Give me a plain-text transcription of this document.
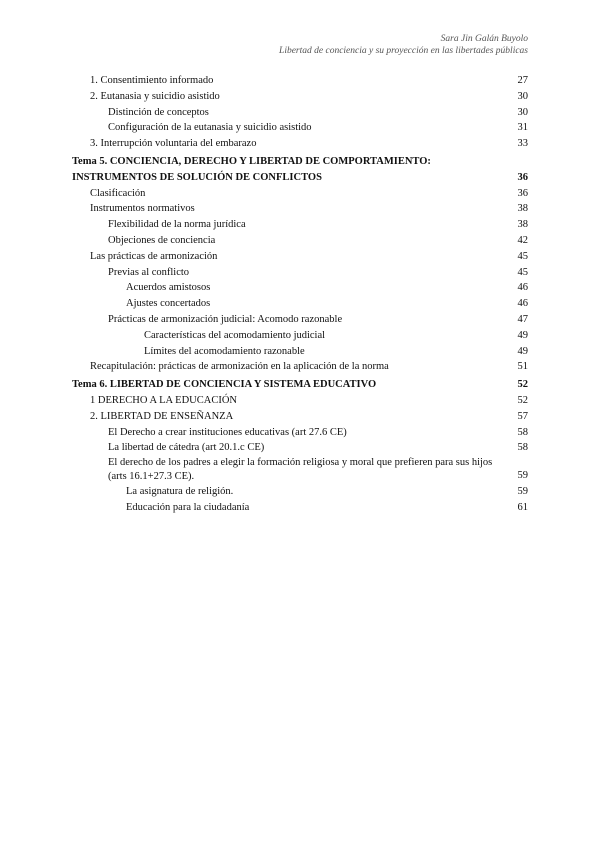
Sara Jin Galán Buyolo
Libertad de conciencia y su proyección en las libertades públicas
1. Consentimiento informado	27
2. Eutanasia y suicidio asistido	30
Distinción de conceptos	30
Configuración de la eutanasia y suicidio asistido	31
3. Interrupción voluntaria del embarazo	33
Tema 5. CONCIENCIA, DERECHO Y LIBERTAD DE COMPORTAMIENTO: INSTRUMENTOS DE SOLUCIÓN DE CONFLICTOS	36
Clasificación	36
Instrumentos normativos	38
Flexibilidad de la norma jurídica	38
Objeciones de conciencia	42
Las prácticas de armonización	45
Previas al conflicto	45
Acuerdos amistosos	46
Ajustes concertados	46
Prácticas de armonización judicial: Acomodo razonable	47
Características del acomodamiento judicial	49
Límites del acomodamiento razonable	49
Recapitulación: prácticas de armonización en la aplicación de la norma	51
Tema 6. LIBERTAD DE CONCIENCIA Y SISTEMA EDUCATIVO	52
1 DERECHO A LA EDUCACIÓN	52
2. LIBERTAD DE ENSEÑANZA	57
El Derecho a crear instituciones educativas (art 27.6 CE)	58
La libertad de cátedra (art 20.1.c CE)	58
El derecho de los padres a elegir la formación religiosa y moral que prefieren para sus hijos (arts 16.1+27.3 CE).	59
La asignatura de religión.	59
Educación para la ciudadanía	61
